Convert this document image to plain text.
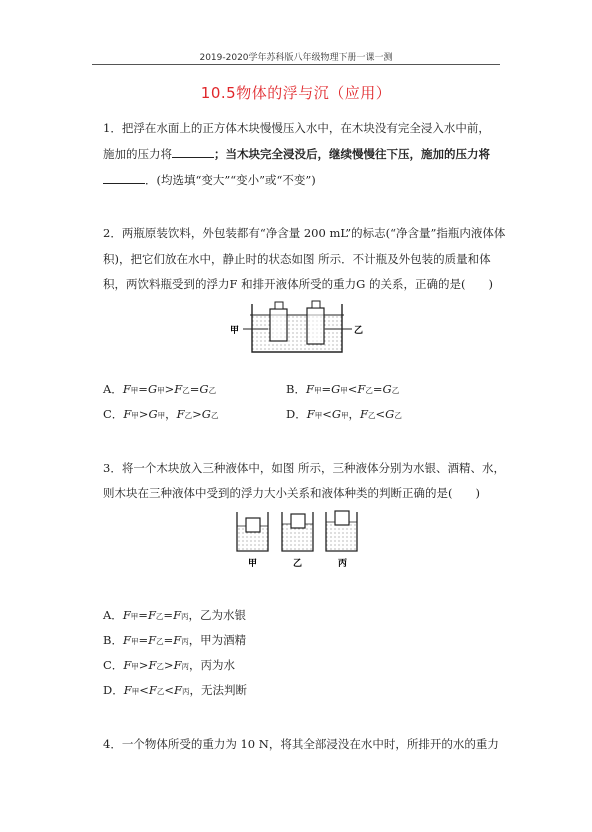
2019-2020学年苏科版八年级物理下册一课一测
10.5物体的浮与沉（应用）
1．把浮在水面上的正方体木块慢慢压入水中，在木块没有完全浸入水中前，
施加的压力将	；当木块完全浸没后，继续慢慢往下压，施加的压力将
．(均选填“变大”“变小”或“不变”)
2．两瓶原装饮料，外包装都有“净含量 200 mL”的标志(“净含量”指瓶内液体体
积)，把它们放在水中，静止时的状态如图 所示．不计瓶及外包装的质量和体
积，两饮料瓶受到的浮力F 和排开液体所受的重力G 的关系，正确的是(　　)
甲	乙
A．F甲=G甲>F乙=G乙	B．F甲=G甲<F乙=G乙
C．F甲>G甲，F乙>G乙	D．F甲<G甲，F乙<G乙
3．将一个木块放入三种液体中，如图 所示，三种液体分别为水银、酒精、水，
则木块在三种液体中受到的浮力大小关系和液体种类的判断正确的是(　　)
甲	乙	丙
A．F甲=F乙=F丙，乙为水银
B．F甲=F乙=F丙，甲为酒精
C．F甲>F乙>F丙，丙为水
D．F甲<F乙<F丙，无法判断
4．一个物体所受的重力为 10 N，将其全部浸没在水中时，所排开的水的重力
